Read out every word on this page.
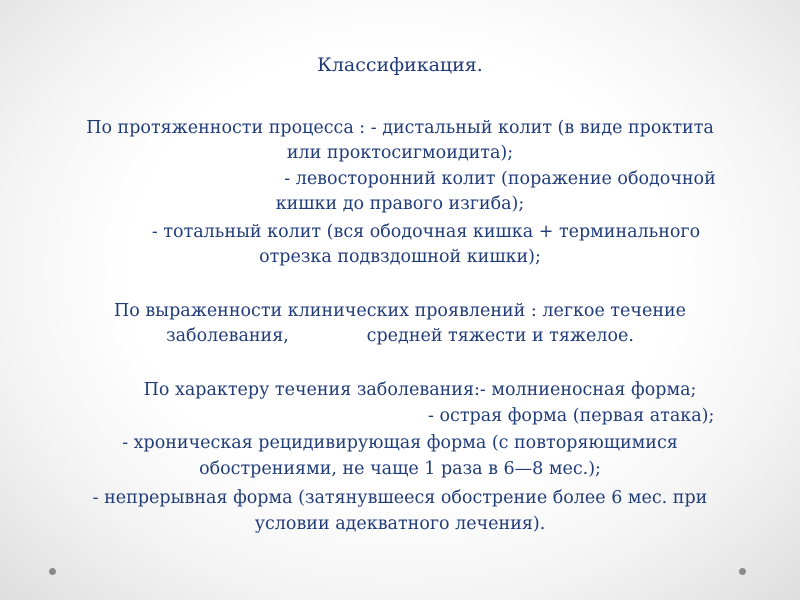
Классификация.
По протяженности процесса : - дистальный колит (в виде проктита
или проктосигмоидита);
- левосторонний колит (поражение ободочной
кишки до правого изгиба);
- тотальный колит (вся ободочная кишка + терминального
отрезка подвздошной кишки);
По выраженности клинических проявлений : легкое течение
заболевания,              средней тяжести и тяжелое.
По характеру течения заболевания:- молниеносная форма;
- острая форма (первая атака);
- хроническая рецидивирующая форма (с повторяющимися
обострениями, не чаще 1 раза в 6—8 мес.);
- непрерывная форма (затянувшееся обострение более 6 мес. при
условии адекватного лечения).
